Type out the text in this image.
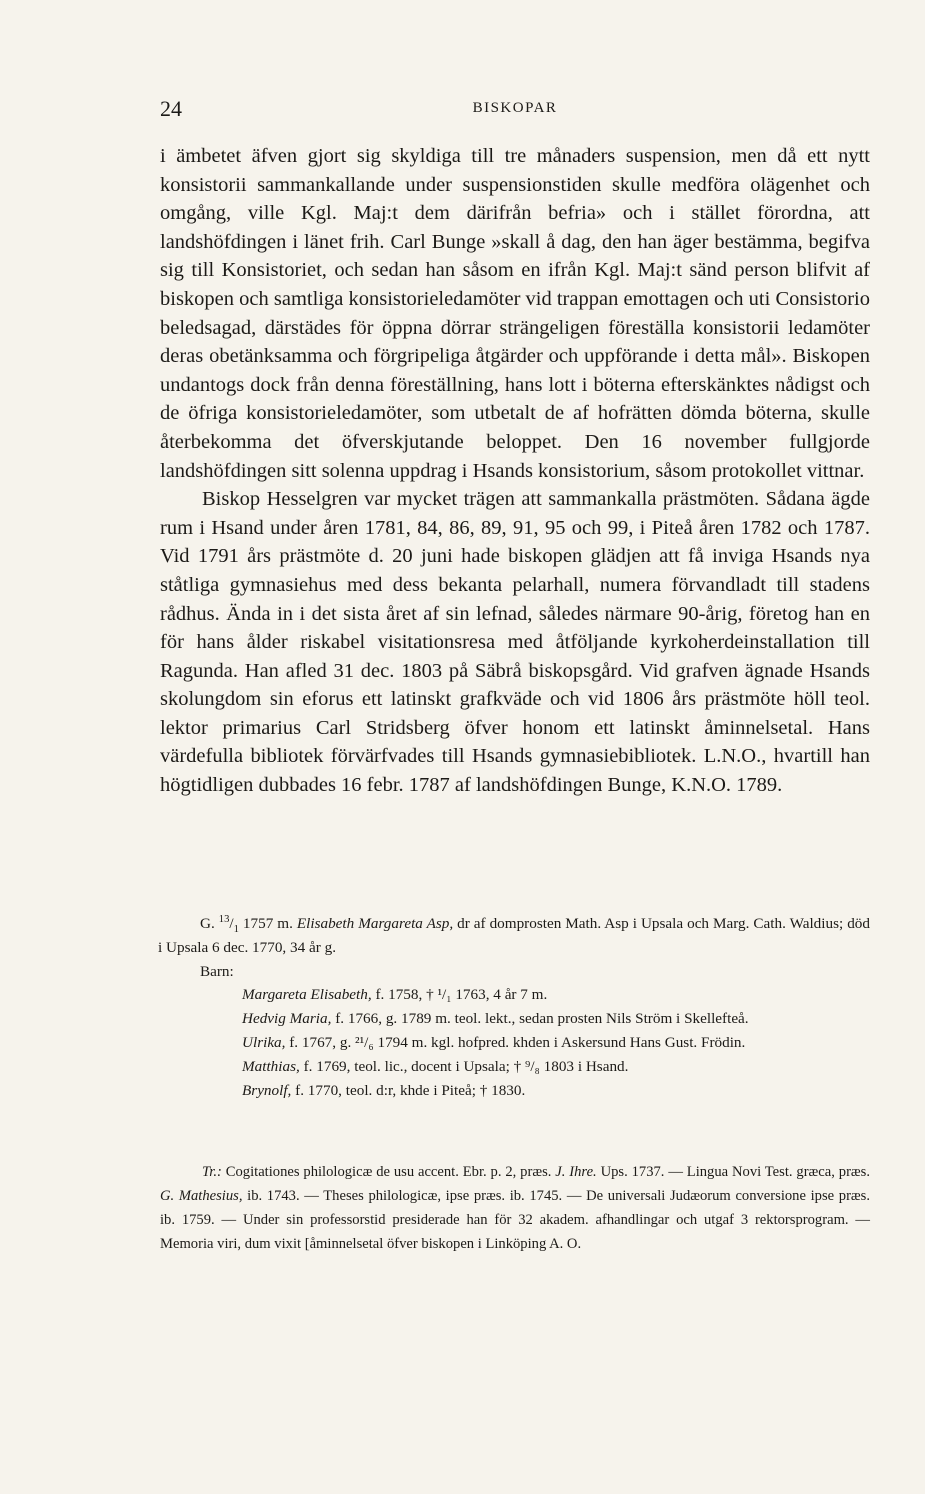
24	BISKOPAR

i ämbetet äfven gjort sig skyldiga till tre månaders suspension, men då ett nytt konsistorii sammankallande under suspensionstiden skulle medföra olägenhet och omgång, ville Kgl. Maj:t dem därifrån befria» och i stället förordna, att landshöfdingen i länet frih. Carl Bunge »skall å dag, den han äger bestämma, begifva sig till Konsistoriet, och sedan han såsom en ifrån Kgl. Maj:t sänd person blifvit af biskopen och samtliga konsistorieledamöter vid trappan emottagen och uti Consistorio beledsagad, därstädes för öppna dörrar strängeligen föreställa konsistorii ledamöter deras obetänksamma och förgripeliga åtgärder och uppförande i detta mål». Biskopen undantogs dock från denna föreställning, hans lott i böterna efterskänktes nådigst och de öfriga konsistorieledamöter, som utbetalt de af hofrätten dömda böterna, skulle återbekomma det öfverskjutande beloppet. Den 16 november fullgjorde landshöfdingen sitt solenna uppdrag i Hsands konsistorium, såsom protokollet vittnar.

Biskop Hesselgren var mycket trägen att sammankalla prästmöten. Sådana ägde rum i Hsand under åren 1781, 84, 86, 89, 91, 95 och 99, i Piteå åren 1782 och 1787. Vid 1791 års prästmöte d. 20 juni hade biskopen glädjen att få inviga Hsands nya ståtliga gymnasiehus med dess bekanta pelarhall, numera förvandladt till stadens rådhus. Ända in i det sista året af sin lefnad, således närmare 90-årig, företog han en för hans ålder riskabel visitationsresa med åtföljande kyrkoherdeinstallation till Ragunda. Han afled 31 dec. 1803 på Säbrå biskopsgård. Vid grafven ägnade Hsands skolungdom sin eforus ett latinskt grafkväde och vid 1806 års prästmöte höll teol. lektor primarius Carl Stridsberg öfver honom ett latinskt åminnelsetal. Hans värdefulla bibliotek förvärfvades till Hsands gymnasiebibliotek. L.N.O., hvartill han högtidligen dubbades 16 febr. 1787 af landshöfdingen Bunge, K.N.O. 1789.

G. $^{13}/_1$ 1757 m. Elisabeth Margareta Asp, dr af domprosten Math. Asp i Upsala och Marg. Cath. Waldius; död i Upsala 6 dec. 1770, 34 år g.

Barn:

Margareta Elisabeth, f. 1758, † ¹/₁ 1763, 4 år 7 m.

Hedvig Maria, f. 1766, g. 1789 m. teol. lekt., sedan prosten Nils Ström i Skellefteå.

Ulrika, f. 1767, g. ²¹/₆ 1794 m. kgl. hofpred. khden i Askersund Hans Gust. Frödin.

Matthias, f. 1769, teol. lic., docent i Upsala; † ⁹/₈ 1803 i Hsand.

Brynolf, f. 1770, teol. d:r, khde i Piteå; † 1830.

Tr.: Cogitationes philologicæ de usu accent. Ebr. p. 2, præs. J. Ihre. Ups. 1737. — Lingua Novi Test. græca, præs. G. Mathesius, ib. 1743. — Theses philologicæ, ipse præs. ib. 1745. — De universali Judæorum conversione ipse præs. ib. 1759. — Under sin professorstid presiderade han för 32 akadem. afhandlingar och utgaf 3 rektorsprogram. — Memoria viri, dum vixit [åminnelsetal öfver biskopen i Linköping A. O.
